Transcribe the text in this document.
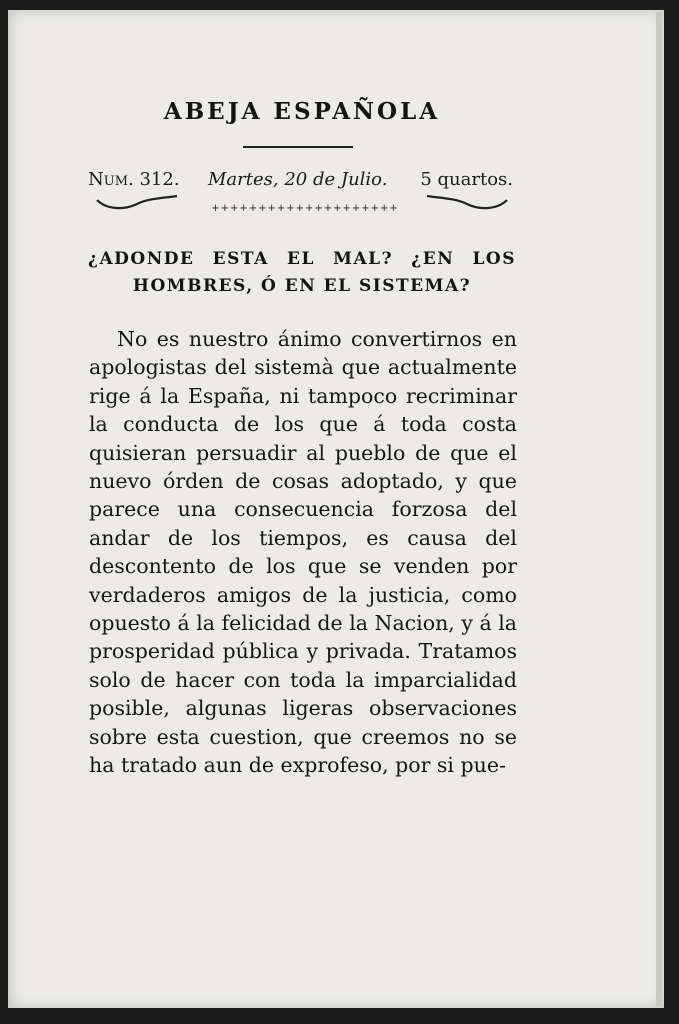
ABEJA ESPAÑOLA
Num. 312. Martes, 20 de Julio. 5 quartos.
++++++++++++++++++++
¿ADONDE ESTA EL MAL? ¿EN LOS HOMBRES, Ó EN EL SISTEMA?

No es nuestro ánimo convertirnos en apologistas del sistemà que actualmente rige á la España, ni tampoco recriminar la conducta de los que á toda costa quisieran persuadir al pueblo de que el nuevo órden de cosas adoptado, y que parece una consecuencia forzosa del andar de los tiempos, es causa del descontento de los que se venden por verdaderos amigos de la justicia, como opuesto á la felicidad de la Nacion, y á la prosperidad pública y privada. Tratamos solo de hacer con toda la imparcialidad posible, algunas ligeras observaciones sobre esta cuestion, que creemos no se ha tratado aun de exprofeso, por si pue-
